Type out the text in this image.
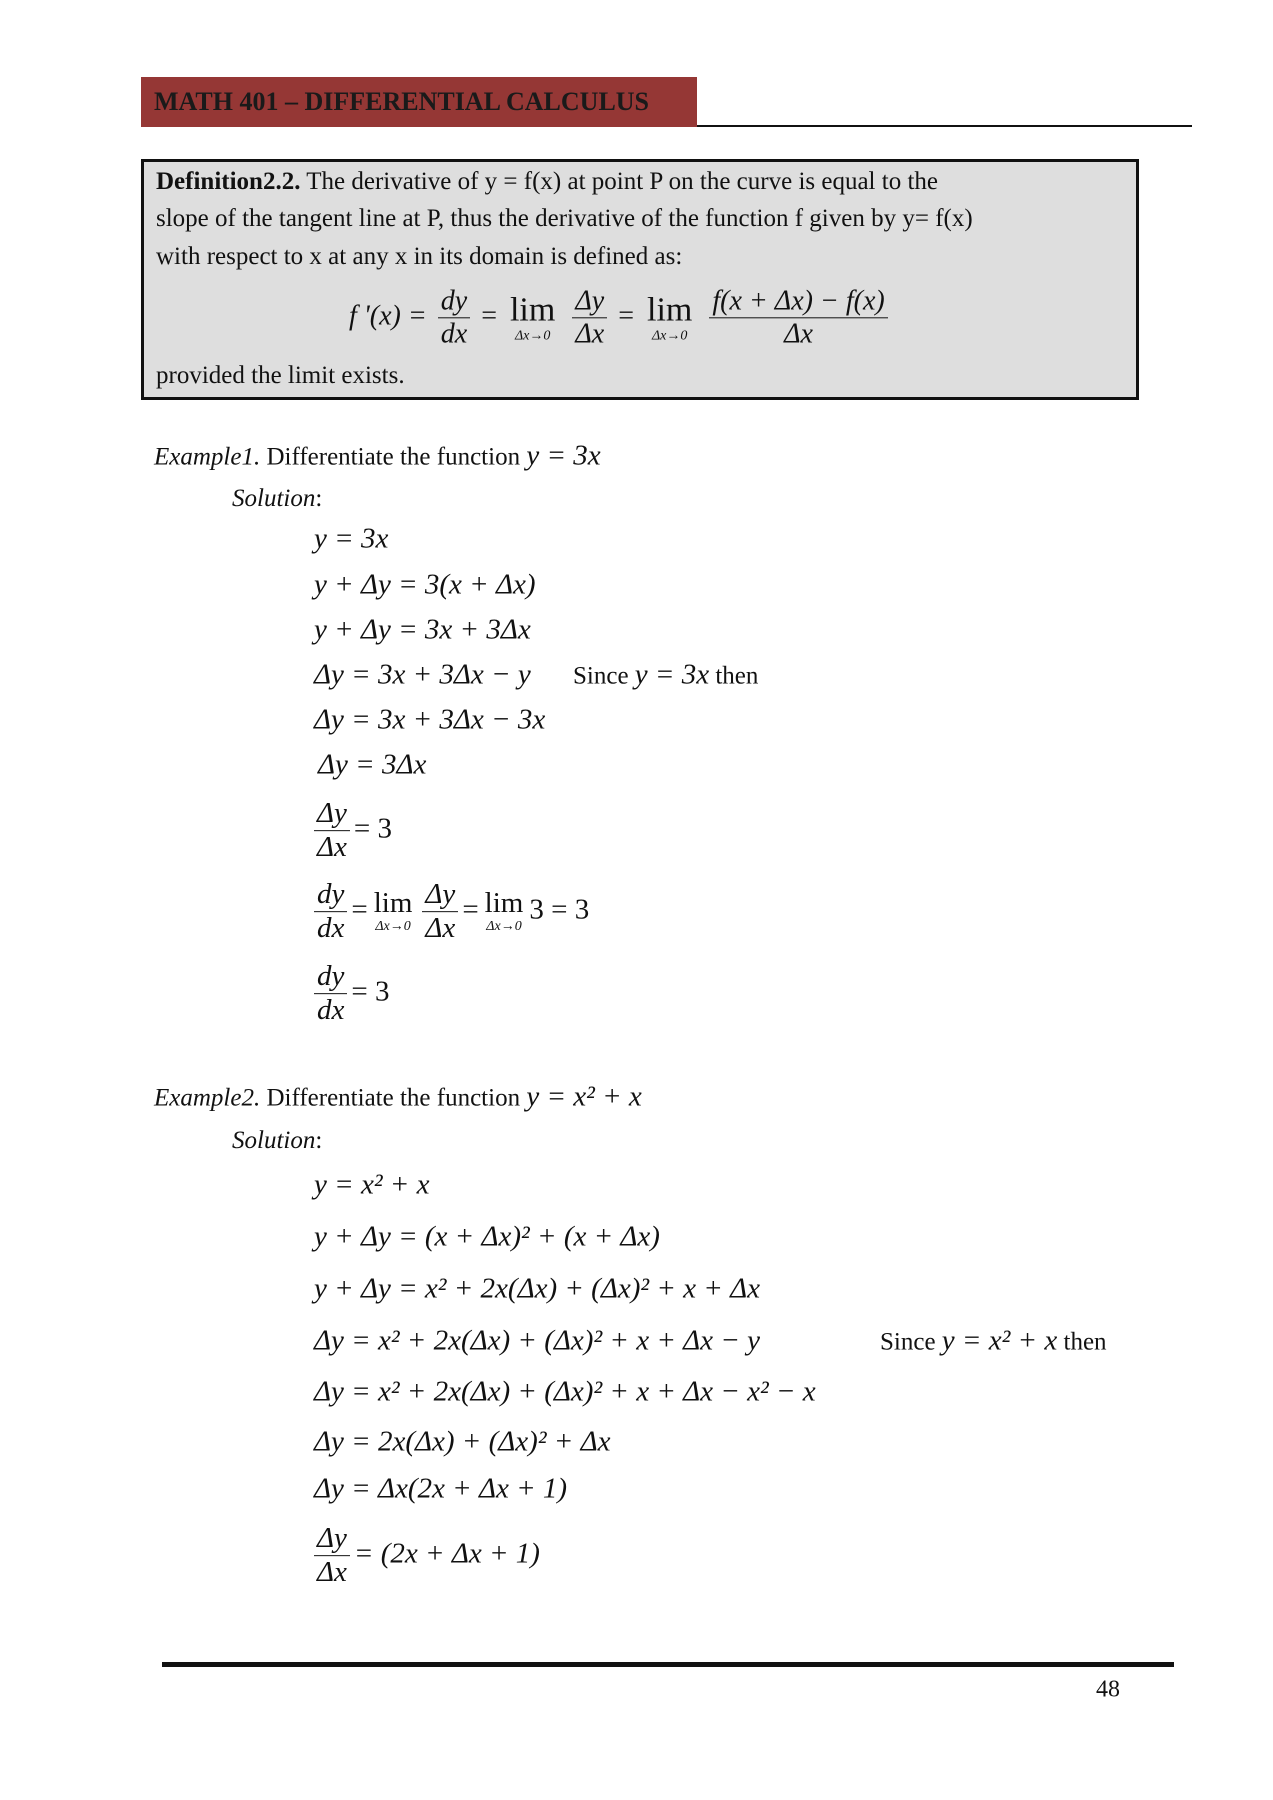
MATH 401 – DIFFERENTIAL CALCULUS
Definition2.2. The derivative of y = f(x) at point P on the curve is equal to the
slope of the tangent line at P, thus the derivative of the function f given by y= f(x)
with respect to x at any x in its domain is defined as:
f '$(x) = \frac{dy}{dx} = \lim$
Δx→0
$\frac{\Delta y}{\Delta x} = \lim$
Δx→0
$\frac{f(x + \Delta x) - f(x)}{\Delta x}$
provided the limit exists.
Example1. Differentiate the function y = 3x
Solution:
y = 3x
y + Δy = 3(x + Δx)
y + Δy = 3x + 3Δx
Δy = 3x + 3Δx − y
Δy = 3x + 3Δx − 3x
Δy = 3Δx
Since y = 3x then
$\frac{\Delta y}{\Delta x} = 3$
$\frac{dy}{dx} = \lim$
$\Delta x\to 0 \frac{\Delta y}{\Delta x} = \lim$
Δx→0
3 = 3
$\frac{dy}{dx} = 3$
Example2. Differentiate the function y = x² + x
Solution:
y = x² + x
y + Δy = (x + Δx)² + (x + Δx)
y + Δy = x² + 2x(Δx) + (Δx)² + x + Δx
Δy = x² + 2x(Δx) + (Δx)² + x + Δx − y
Δy = x² + 2x(Δx) + (Δx)² + x + Δx − x² − x
Δy = 2x(Δx) + (Δx)² + Δx
Δy = Δx(2x + Δx + 1)
$\frac{\Delta y}{\Delta x} = (2x + \Delta x + 1)$
Since y = x² + x then
48
